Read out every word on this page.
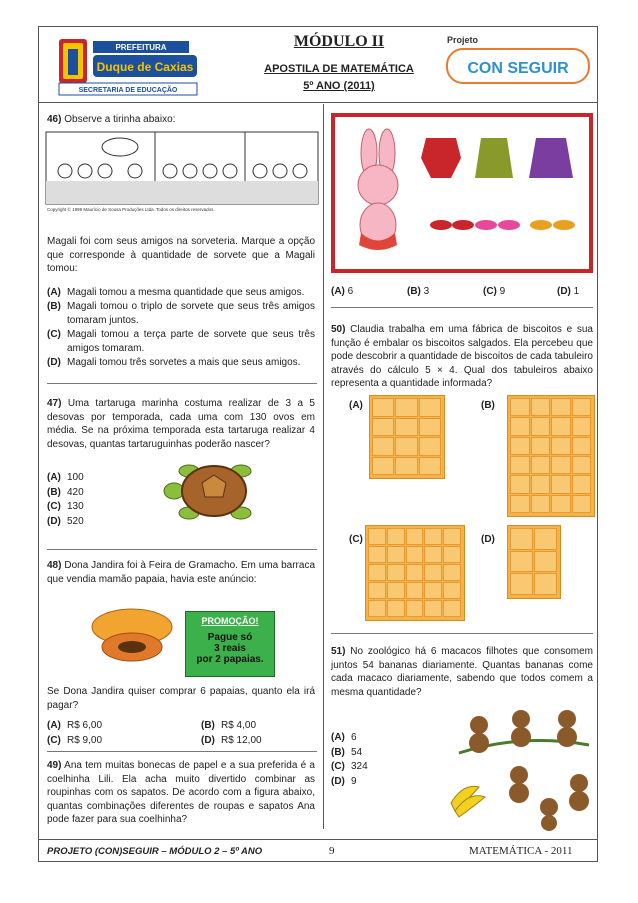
PREFEITURA
Duque de Caxias
SECRETARIA DE EDUCAÇÃO
MÓDULO II
APOSTILA DE MATEMÁTICA
5º ANO (2011)
Projeto
CON SEGUIR

46) Observe a tirinha abaixo:

Copyright © 1999 Maurício de Sousa Produções Ltda. Todos os direitos reservados.

Magali foi com seus amigos na sorveteria. Marque a opção que corresponde à quantidade de sorvete que a Magali tomou:

(A) Magali tomou a mesma quantidade que seus amigos.
(B) Magali tomou o triplo de sorvete que seus três amigos tomaram juntos.
(C) Magali tomou a terça parte de sorvete que seus três amigos tomaram.
(D) Magali tomou três sorvetes a mais que seus amigos.

47) Uma tartaruga marinha costuma realizar de 3 a 5 desovas por temporada, cada uma com 130 ovos em média. Se na próxima temporada esta tartaruga realizar 4 desovas, quantas tartaruguinhas poderão nascer?

(A) 100
(B) 420
(C) 130
(D) 520

48) Dona Jandira foi à Feira de Gramacho. Em uma barraca que vendia mamão papaia, havia este anúncio:

PROMOÇÃO!
Pague só
3 reais
por 2 papaias.

Se Dona Jandira quiser comprar 6 papaias, quanto ela irá pagar?

(A) R$ 6,00
(C) R$ 9,00
(B) R$ 4,00
(D) R$ 12,00

49) Ana tem muitas bonecas de papel e a sua preferida é a coelhinha Lili. Ela acha muito divertido combinar as roupinhas com os sapatos. De acordo com a figura abaixo, quantas combinações diferentes de roupas e sapatos Ana pode fazer para sua coelhinha?

(A) 6	(B) 3	(C) 9	(D) 1

50) Claudia trabalha em uma fábrica de biscoitos e sua função é embalar os biscoitos salgados. Ela percebeu que pode descobrir a quantidade de biscoitos de cada tabuleiro através do cálculo 5 × 4. Qual dos tabuleiros abaixo representa a quantidade informada?

(A)	(B)
(C)	(D)

51) No zoológico há 6 macacos filhotes que consomem juntos 54 bananas diariamente. Quantas bananas come cada macaco diariamente, sabendo que todos comem a mesma quantidade?

(A) 6
(B) 54
(C) 324
(D) 9
PROJETO (CON)SEGUIR – MÓDULO 2 – 5º ANO	9	MATEMÁTICA - 2011
